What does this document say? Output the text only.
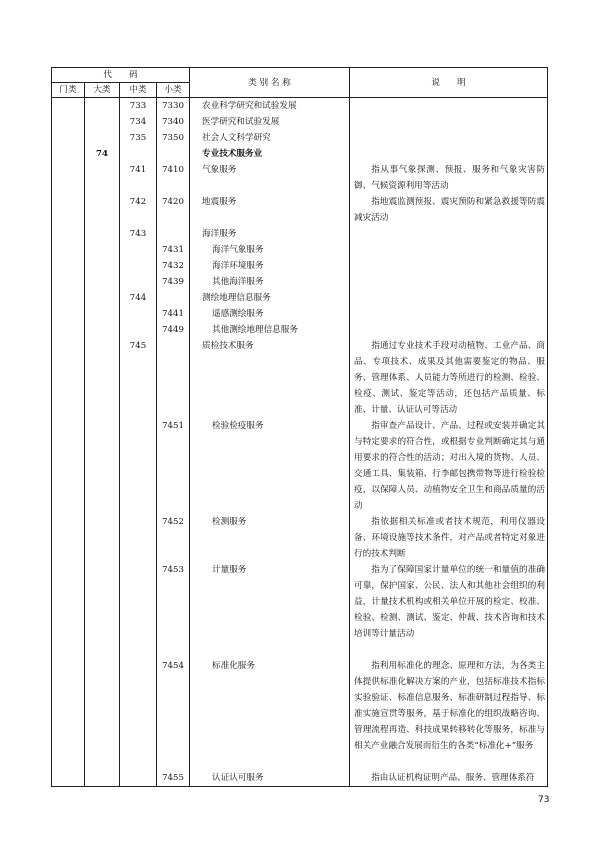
代　　码				类 别 名 称	说　　明
门类	大类	中类	小类		
		733	7330	农业科学研究和试验发展	
		734	7340	医学研究和试验发展	
		735	7350	社会人文科学研究	
	74			专业技术服务业	
		741	7410	气象服务	指从事气象探测、预报、服务和气象灾害防御、气候资源利用等活动
		742	7420	地震服务	指地震监测预报、震灾预防和紧急救援等防震减灾活动
		743		海洋服务	
			7431	海洋气象服务	
			7432	海洋环境服务	
			7439	其他海洋服务	
		744		测绘地理信息服务	
			7441	遥感测绘服务	
			7449	其他测绘地理信息服务	
		745		质检技术服务	指通过专业技术手段对动植物、工业产品、商品、专项技术、成果及其他需要鉴定的物品、服务、管理体系、人员能力等所进行的检测、检验、检疫、测试、鉴定等活动，还包括产品质量、标准、计量、认证认可等活动
			7451	检验检疫服务	指审查产品设计、产品、过程或安装并确定其与特定要求的符合性，或根据专业判断确定其与通用要求的符合性的活动；对出入境的货物、人员、交通工具、集装箱、行李邮包携带物等进行检验检疫，以保障人员、动植物安全卫生和商品质量的活动
			7452	检测服务	指依据相关标准或者技术规范，利用仪器设备、环境设施等技术条件，对产品或者特定对象进行的技术判断
			7453	计量服务	指为了保障国家计量单位的统一和量值的准确可靠，保护国家、公民、法人和其他社会组织的利益，计量技术机构或相关单位开展的检定、校准、检验、检测、测试、鉴定、仲裁、技术咨询和技术培训等计量活动
			7454	标准化服务	指利用标准化的理念、原理和方法，为各类主体提供标准化解决方案的产业，包括标准技术指标实验验证、标准信息服务、标准研制过程指导、标准实施宣贯等服务，基于标准化的组织战略咨询、管理流程再造、科技成果转移转化等服务，标准与相关产业融合发展而衍生的各类“标准化+”服务
			7455	认证认可服务	指由认证机构证明产品、服务、管理体系符
73
